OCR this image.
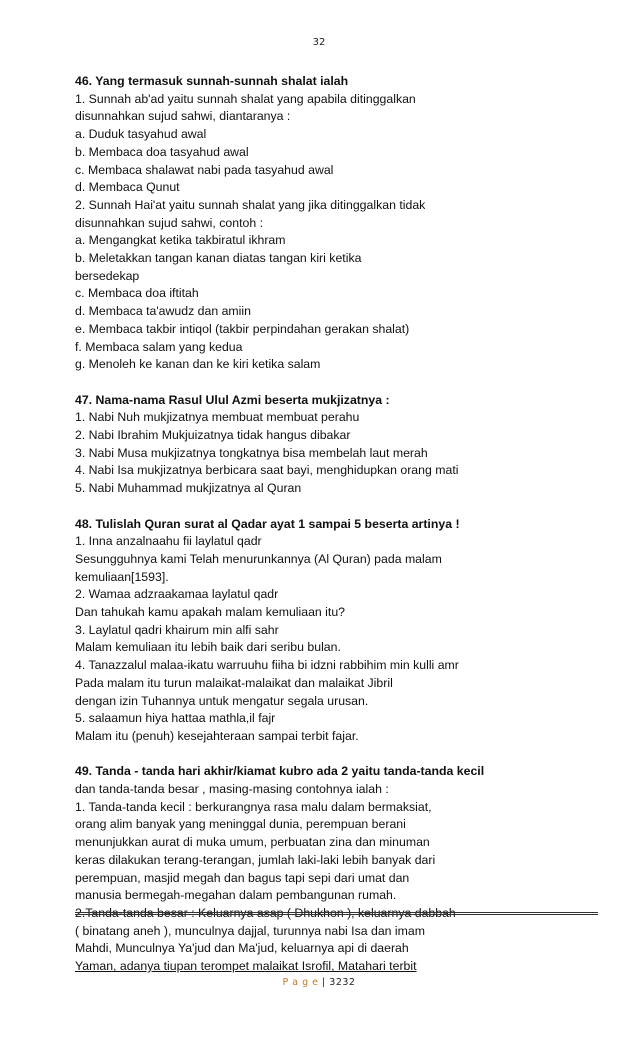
32
46. Yang termasuk sunnah-sunnah shalat ialah
1. Sunnah ab'ad yaitu sunnah shalat yang apabila ditinggalkan
disunnahkan sujud sahwi, diantaranya :
a. Duduk tasyahud awal
b. Membaca doa tasyahud awal
c. Membaca shalawat nabi pada tasyahud awal
d. Membaca Qunut
2. Sunnah Hai'at yaitu sunnah shalat yang jika ditinggalkan tidak
disunnahkan sujud sahwi, contoh :
a. Mengangkat ketika takbiratul ikhram
b. Meletakkan tangan kanan diatas tangan kiri ketika
bersedekap
c. Membaca doa iftitah
d. Membaca ta'awudz dan amiin
e. Membaca takbir intiqol (takbir perpindahan gerakan shalat)
f. Membaca salam yang kedua
g. Menoleh ke kanan dan ke kiri ketika salam
47. Nama-nama Rasul Ulul Azmi beserta mukjizatnya :
1. Nabi Nuh mukjizatnya membuat membuat perahu
2. Nabi Ibrahim Mukjuizatnya tidak hangus dibakar
3. Nabi Musa mukjizatnya tongkatnya bisa membelah laut merah
4. Nabi Isa mukjizatnya berbicara saat bayi, menghidupkan orang mati
5. Nabi Muhammad mukjizatnya al Quran
48. Tulislah Quran surat al Qadar ayat 1 sampai 5 beserta artinya !
1. Inna anzalnaahu fii laylatul qadr
Sesungguhnya kami Telah menurunkannya (Al Quran) pada malam
kemuliaan[1593].
2. Wamaa adzraakamaa laylatul qadr
Dan tahukah kamu apakah malam kemuliaan itu?
3. Laylatul qadri khairum min alfi sahr
Malam kemuliaan itu lebih baik dari seribu bulan.
4. Tanazzalul malaa-ikatu warruuhu fiiha bi idzni rabbihim min kulli amr
Pada malam itu turun malaikat-malaikat dan malaikat Jibril
dengan izin Tuhannya untuk mengatur segala urusan.
5. salaamun hiya hattaa mathla,il fajr
Malam itu (penuh) kesejahteraan sampai terbit fajar.
49. Tanda - tanda hari akhir/kiamat kubro ada 2 yaitu tanda-tanda kecil
dan tanda-tanda besar , masing-masing contohnya ialah :
1. Tanda-tanda kecil : berkurangnya rasa malu dalam bermaksiat,
orang alim banyak yang meninggal dunia, perempuan berani
menunjukkan aurat di muka umum, perbuatan zina dan minuman
keras dilakukan terang-terangan, jumlah laki-laki lebih banyak dari
perempuan, masjid megah dan bagus tapi sepi dari umat dan
manusia bermegah-megahan dalam pembangunan rumah.
2.Tanda-tanda besar : Keluarnya asap ( Dhukhon ), keluarnya dabbah
( binatang aneh ), munculnya dajjal, turunnya nabi Isa dan imam
Mahdi, Munculnya Ya'jud dan Ma'jud, keluarnya api di daerah
Yaman, adanya tiupan terompet malaikat Isrofil, Matahari terbit
P a g e | 3232
